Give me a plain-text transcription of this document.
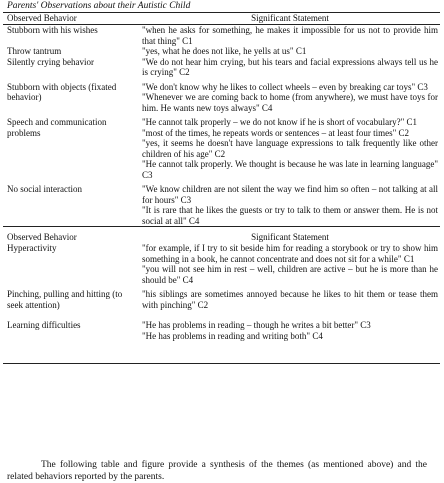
Parents' Observations about their Autistic Child
Observed Behavior	Significant Statement
Stubborn with his wishes	"when he asks for something, he makes it impossible for us not to provide him that thing" C1

Throw tantrum	"yes, what he does not like, he yells at us" C1

Silently crying behavior	"We do not hear him crying, but his tears and facial expressions always tell us he is crying" C2

Stubborn with objects (fixated behavior)	"We don't know why he likes to collect wheels – even by breaking car toys" C3
"Whenever we are coming back to home (from anywhere), we must have toys for him. He wants new toys always" C4

Speech and communication problems	"He cannot talk properly – we do not know if he is short of vocabulary?" C1
"most of the times, he repeats words or sentences – at least four times" C2
"yes, it seems he doesn't have language expressions to talk frequently like other children of his age" C2
"He cannot talk properly. We thought is because he was late in learning language" C3

No social interaction	"We know children are not silent the way we find him so often – not talking at all for hours" C3
"It is rare that he likes the guests or try to talk to them or answer them. He is not social at all" C4

Observed Behavior	Significant Statement
Hyperactivity	"for example, if I try to sit beside him for reading a storybook or try to show him something in a book, he cannot concentrate and does not sit for a while" C1
"you will not see him in rest – well, children are active – but he is more than he should be" C4

Pinching, pulling and hitting (to seek attention)	"his siblings are sometimes annoyed because he likes to hit them or tease them with pinching" C2

Learning difficulties	"He has problems in reading – though he writes a bit better" C3
"He has problems in reading and writing both" C4

The following table and figure provide a synthesis of the themes (as mentioned above) and the related behaviors reported by the parents.
